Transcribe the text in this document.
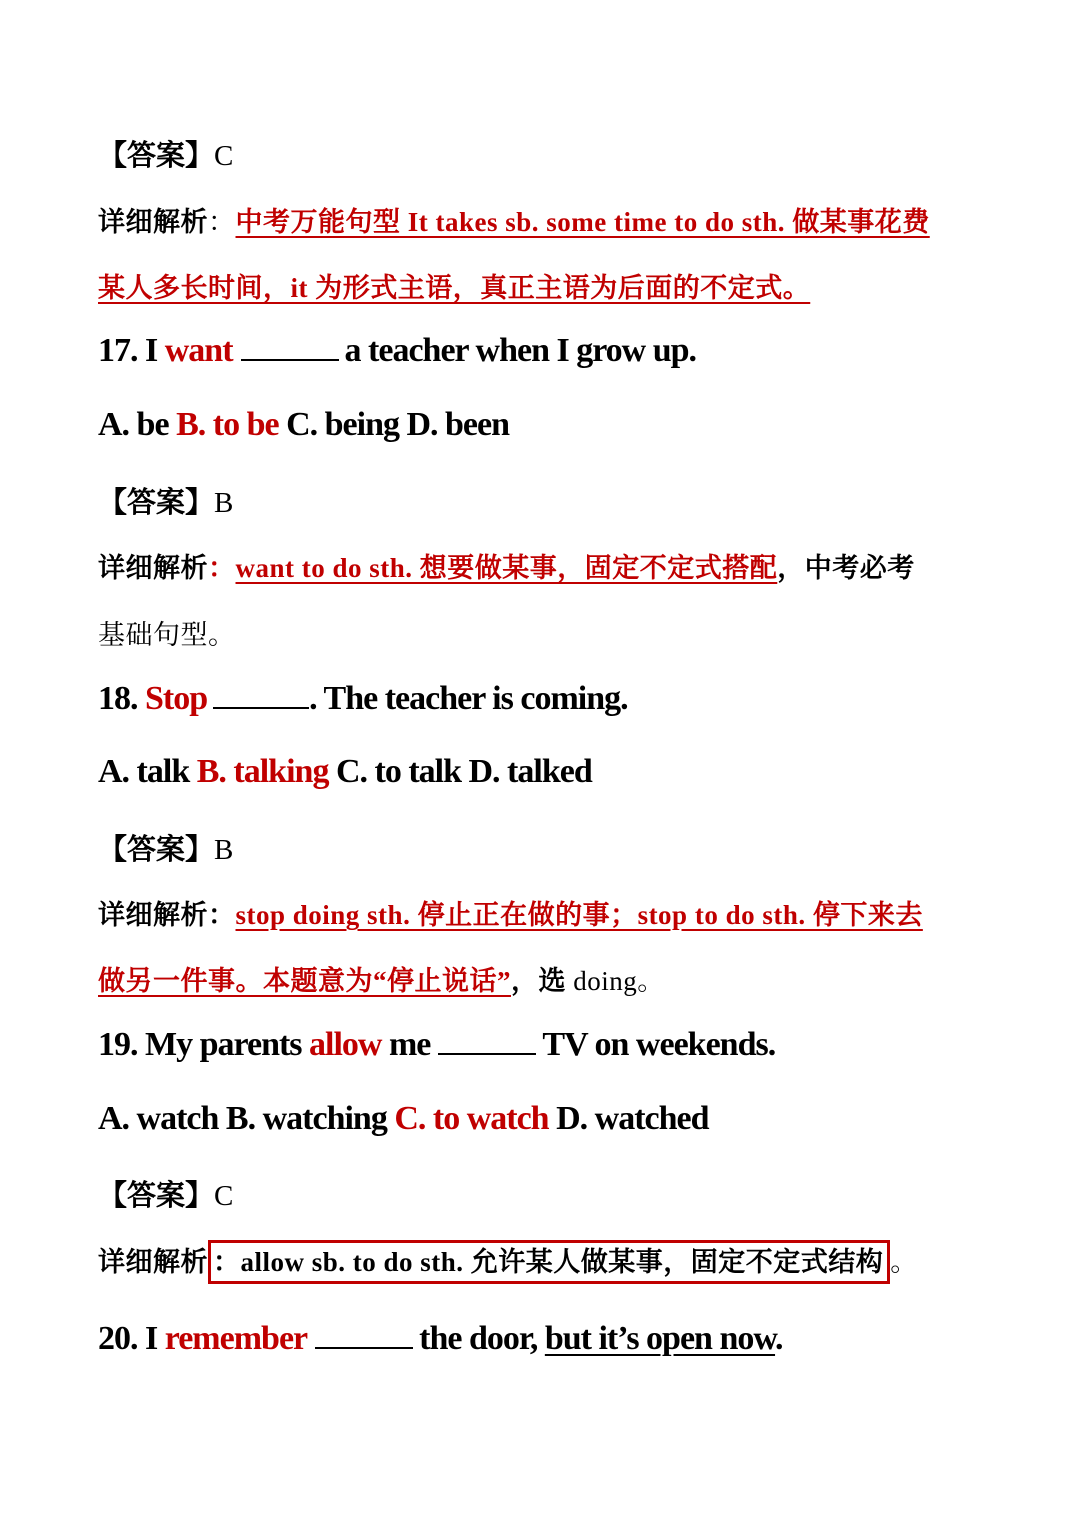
【答案】C
详细解析：中考万能句型 It takes sb. some time to do sth. 做某事花费
某人多长时间，it 为形式主语，真正主语为后面的不定式。
17. I want	a teacher when I grow up.
A. be B. to be C. being D. been
【答案】B
详细解析：want to do sth. 想要做某事，固定不定式搭配，中考必考
基础句型。
18. Stop	. The teacher is coming.
A. talk B. talking C. to talk D. talked
【答案】B
详细解析：stop doing sth. 停止正在做的事；stop to do sth. 停下来去
做另一件事。本题意为“停止说话”，选 doing。
19. My parents allow me	TV on weekends.
A. watch B. watching C. to watch D. watched
【答案】C
详细解析 ：allow sb. to do sth. 允许某人做某事，固定不定式结构 。
20. I remember	the door, but it’s open now.
